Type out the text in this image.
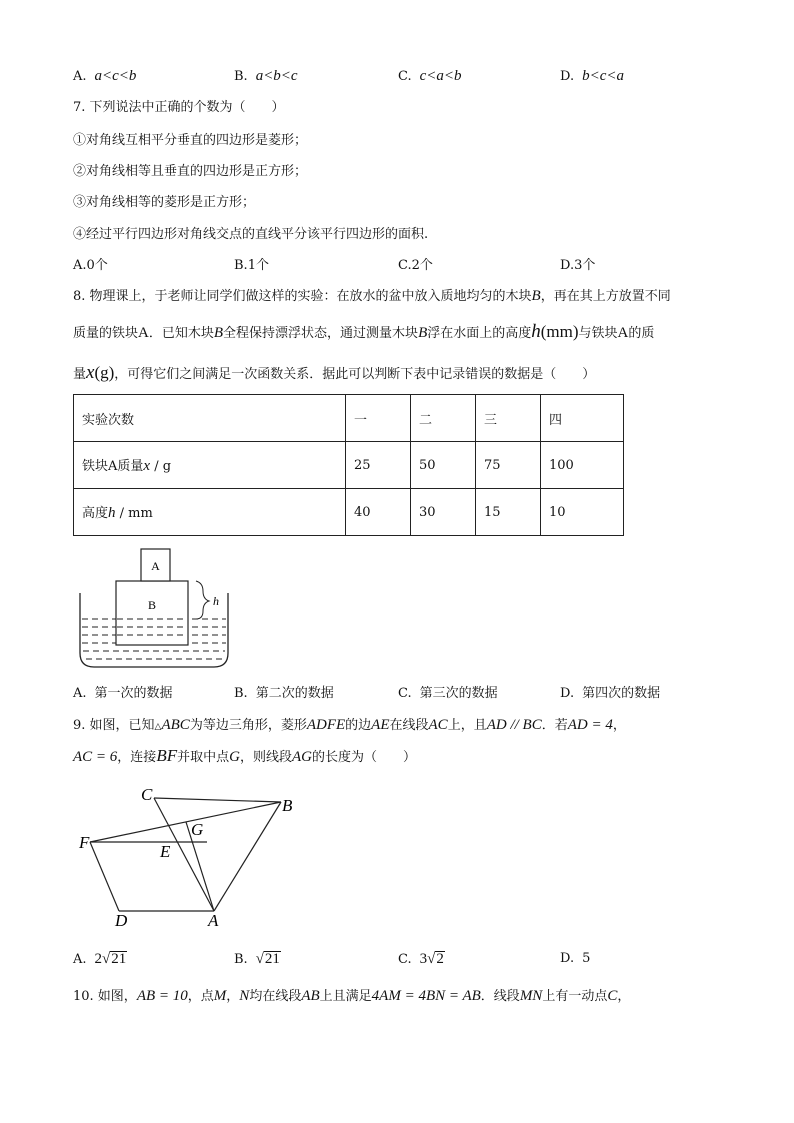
A. a<c<b	B. a<b<c	C. c<a<b	D. b<c<a
7. 下列说法中正确的个数为（　　）
①对角线互相平分垂直的四边形是菱形；
②对角线相等且垂直的四边形是正方形；
③对角线相等的菱形是正方形；
④经过平行四边形对角线交点的直线平分该平行四边形的面积.
A.0个	B.1个	C.2个	D.3个
8. 物理课上，于老师让同学们做这样的实验：在放水的盆中放入质地均匀的木块B，再在其上方放置不同
质量的铁块A．已知木块B全程保持漂浮状态，通过测量木块B浮在水面上的高度h(mm)与铁块A的质
量x(g)，可得它们之间满足一次函数关系．据此可以判断下表中记录错误的数据是（　　）
实验次数	一	二	三	四
铁块A质量x / g	25	50	75	100
高度h / mm	40	30	15	10
A
B	h
A. 第一次的数据	B. 第二次的数据	C. 第三次的数据	D. 第四次的数据
9. 如图，已知△ABC为等边三角形，菱形ADFE的边AE在线段AC上，且AD // BC．若AD = 4，
AC = 6，连接BF并取中点G，则线段AG的长度为（　　）
C
B
G
F	E
D	A
A. 2√21	B. √21	C. 3√2	D. 5
10. 如图，AB = 10，点M，N均在线段AB上且满足4AM = 4BN = AB．线段MN上有一动点C，
